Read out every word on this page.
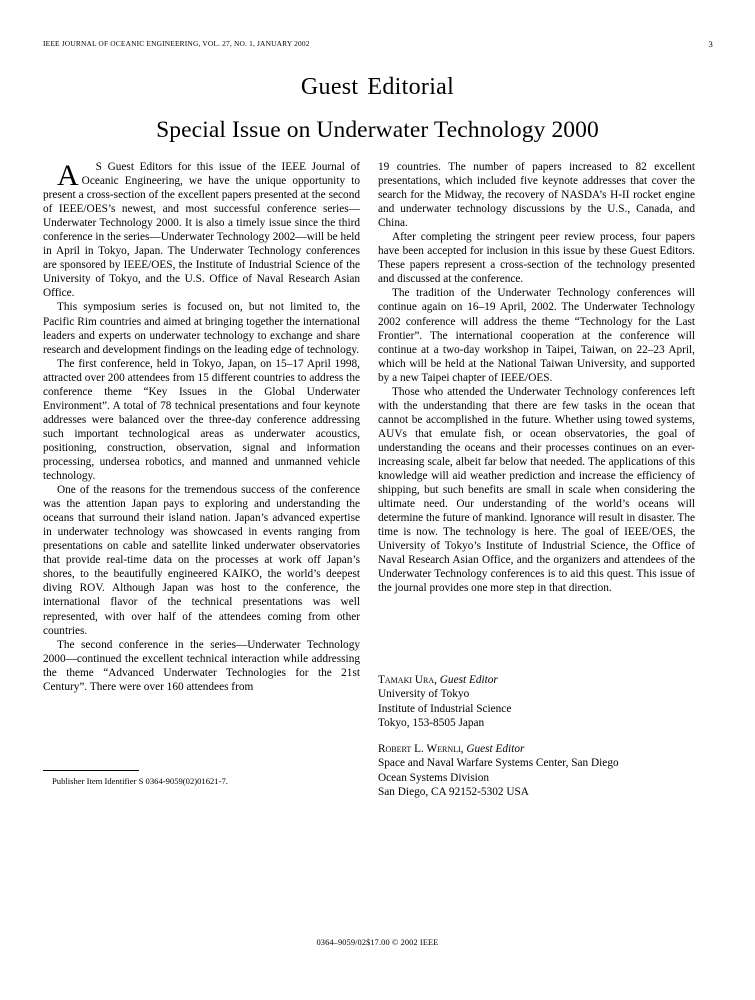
IEEE JOURNAL OF OCEANIC ENGINEERING, VOL. 27, NO. 1, JANUARY 2002	3
Guest Editorial
Special Issue on Underwater Technology 2000

A S Guest Editors for this issue of the IEEE Journal of Oceanic Engineering, we have the unique opportunity to present a cross-section of the excellent papers presented at the second of IEEE/OES’s newest, and most successful conference series—Underwater Technology 2000. It is also a timely issue since the third conference in the series—Underwater Technology 2002—will be held in April in Tokyo, Japan. The Underwater Technology conferences are sponsored by IEEE/OES, the Institute of Industrial Science of the University of Tokyo, and the U.S. Office of Naval Research Asian Office.

This symposium series is focused on, but not limited to, the Pacific Rim countries and aimed at bringing together the international leaders and experts on underwater technology to exchange and share research and development findings on the leading edge of technology.

The first conference, held in Tokyo, Japan, on 15–17 April 1998, attracted over 200 attendees from 15 different countries to address the conference theme “Key Issues in the Global Underwater Environment”. A total of 78 technical presentations and four keynote addresses were balanced over the three-day conference addressing such important technological areas as underwater acoustics, positioning, construction, observation, signal and information processing, undersea robotics, and manned and unmanned vehicle technology.

One of the reasons for the tremendous success of the conference was the attention Japan pays to exploring and understanding the oceans that surround their island nation. Japan’s advanced expertise in underwater technology was showcased in events ranging from presentations on cable and satellite linked underwater observatories that provide real-time data on the processes at work off Japan’s shores, to the beautifully engineered KAIKO, the world’s deepest diving ROV. Although Japan was host to the conference, the international flavor of the technical presentations was well represented, with over half of the attendees coming from other countries.

The second conference in the series—Underwater Technology 2000—continued the excellent technical interaction while addressing the theme “Advanced Underwater Technologies for the 21st Century”. There were over 160 attendees from

19 countries. The number of papers increased to 82 excellent presentations, which included five keynote addresses that cover the search for the Midway, the recovery of NASDA’s H-II rocket engine and underwater technology discussions by the U.S., Canada, and China.

After completing the stringent peer review process, four papers have been accepted for inclusion in this issue by these Guest Editors. These papers represent a cross-section of the technology presented and discussed at the conference.

The tradition of the Underwater Technology conferences will continue again on 16–19 April, 2002. The Underwater Technology 2002 conference will address the theme “Technology for the Last Frontier”. The international cooperation at the conference will continue at a two-day workshop in Taipei, Taiwan, on 22–23 April, which will be held at the National Taiwan University, and supported by a new Taipei chapter of IEEE/OES.

Those who attended the Underwater Technology conferences left with the understanding that there are few tasks in the ocean that cannot be accomplished in the future. Whether using towed systems, AUVs that emulate fish, or ocean observatories, the goal of understanding the oceans and their processes continues on an ever-increasing scale, albeit far below that needed. The applications of this knowledge will aid weather prediction and increase the efficiency of shipping, but such benefits are small in scale when considering the ultimate need. Our understanding of the world’s oceans will determine the future of mankind. Ignorance will result in disaster. The time is now. The technology is here. The goal of IEEE/OES, the University of Tokyo’s Institute of Industrial Science, the Office of Naval Research Asian Office, and the organizers and attendees of the Underwater Technology conferences is to aid this quest. This issue of the journal provides one more step in that direction.

Tamaki Ura, Guest Editor
University of Tokyo
Institute of Industrial Science
Tokyo, 153-8505 Japan
Robert L. Wernli, Guest Editor
Space and Naval Warfare Systems Center, San Diego
Ocean Systems Division
San Diego, CA 92152-5302 USA
Publisher Item Identifier S 0364-9059(02)01621-7.
0364–9059/02$17.00 © 2002 IEEE
